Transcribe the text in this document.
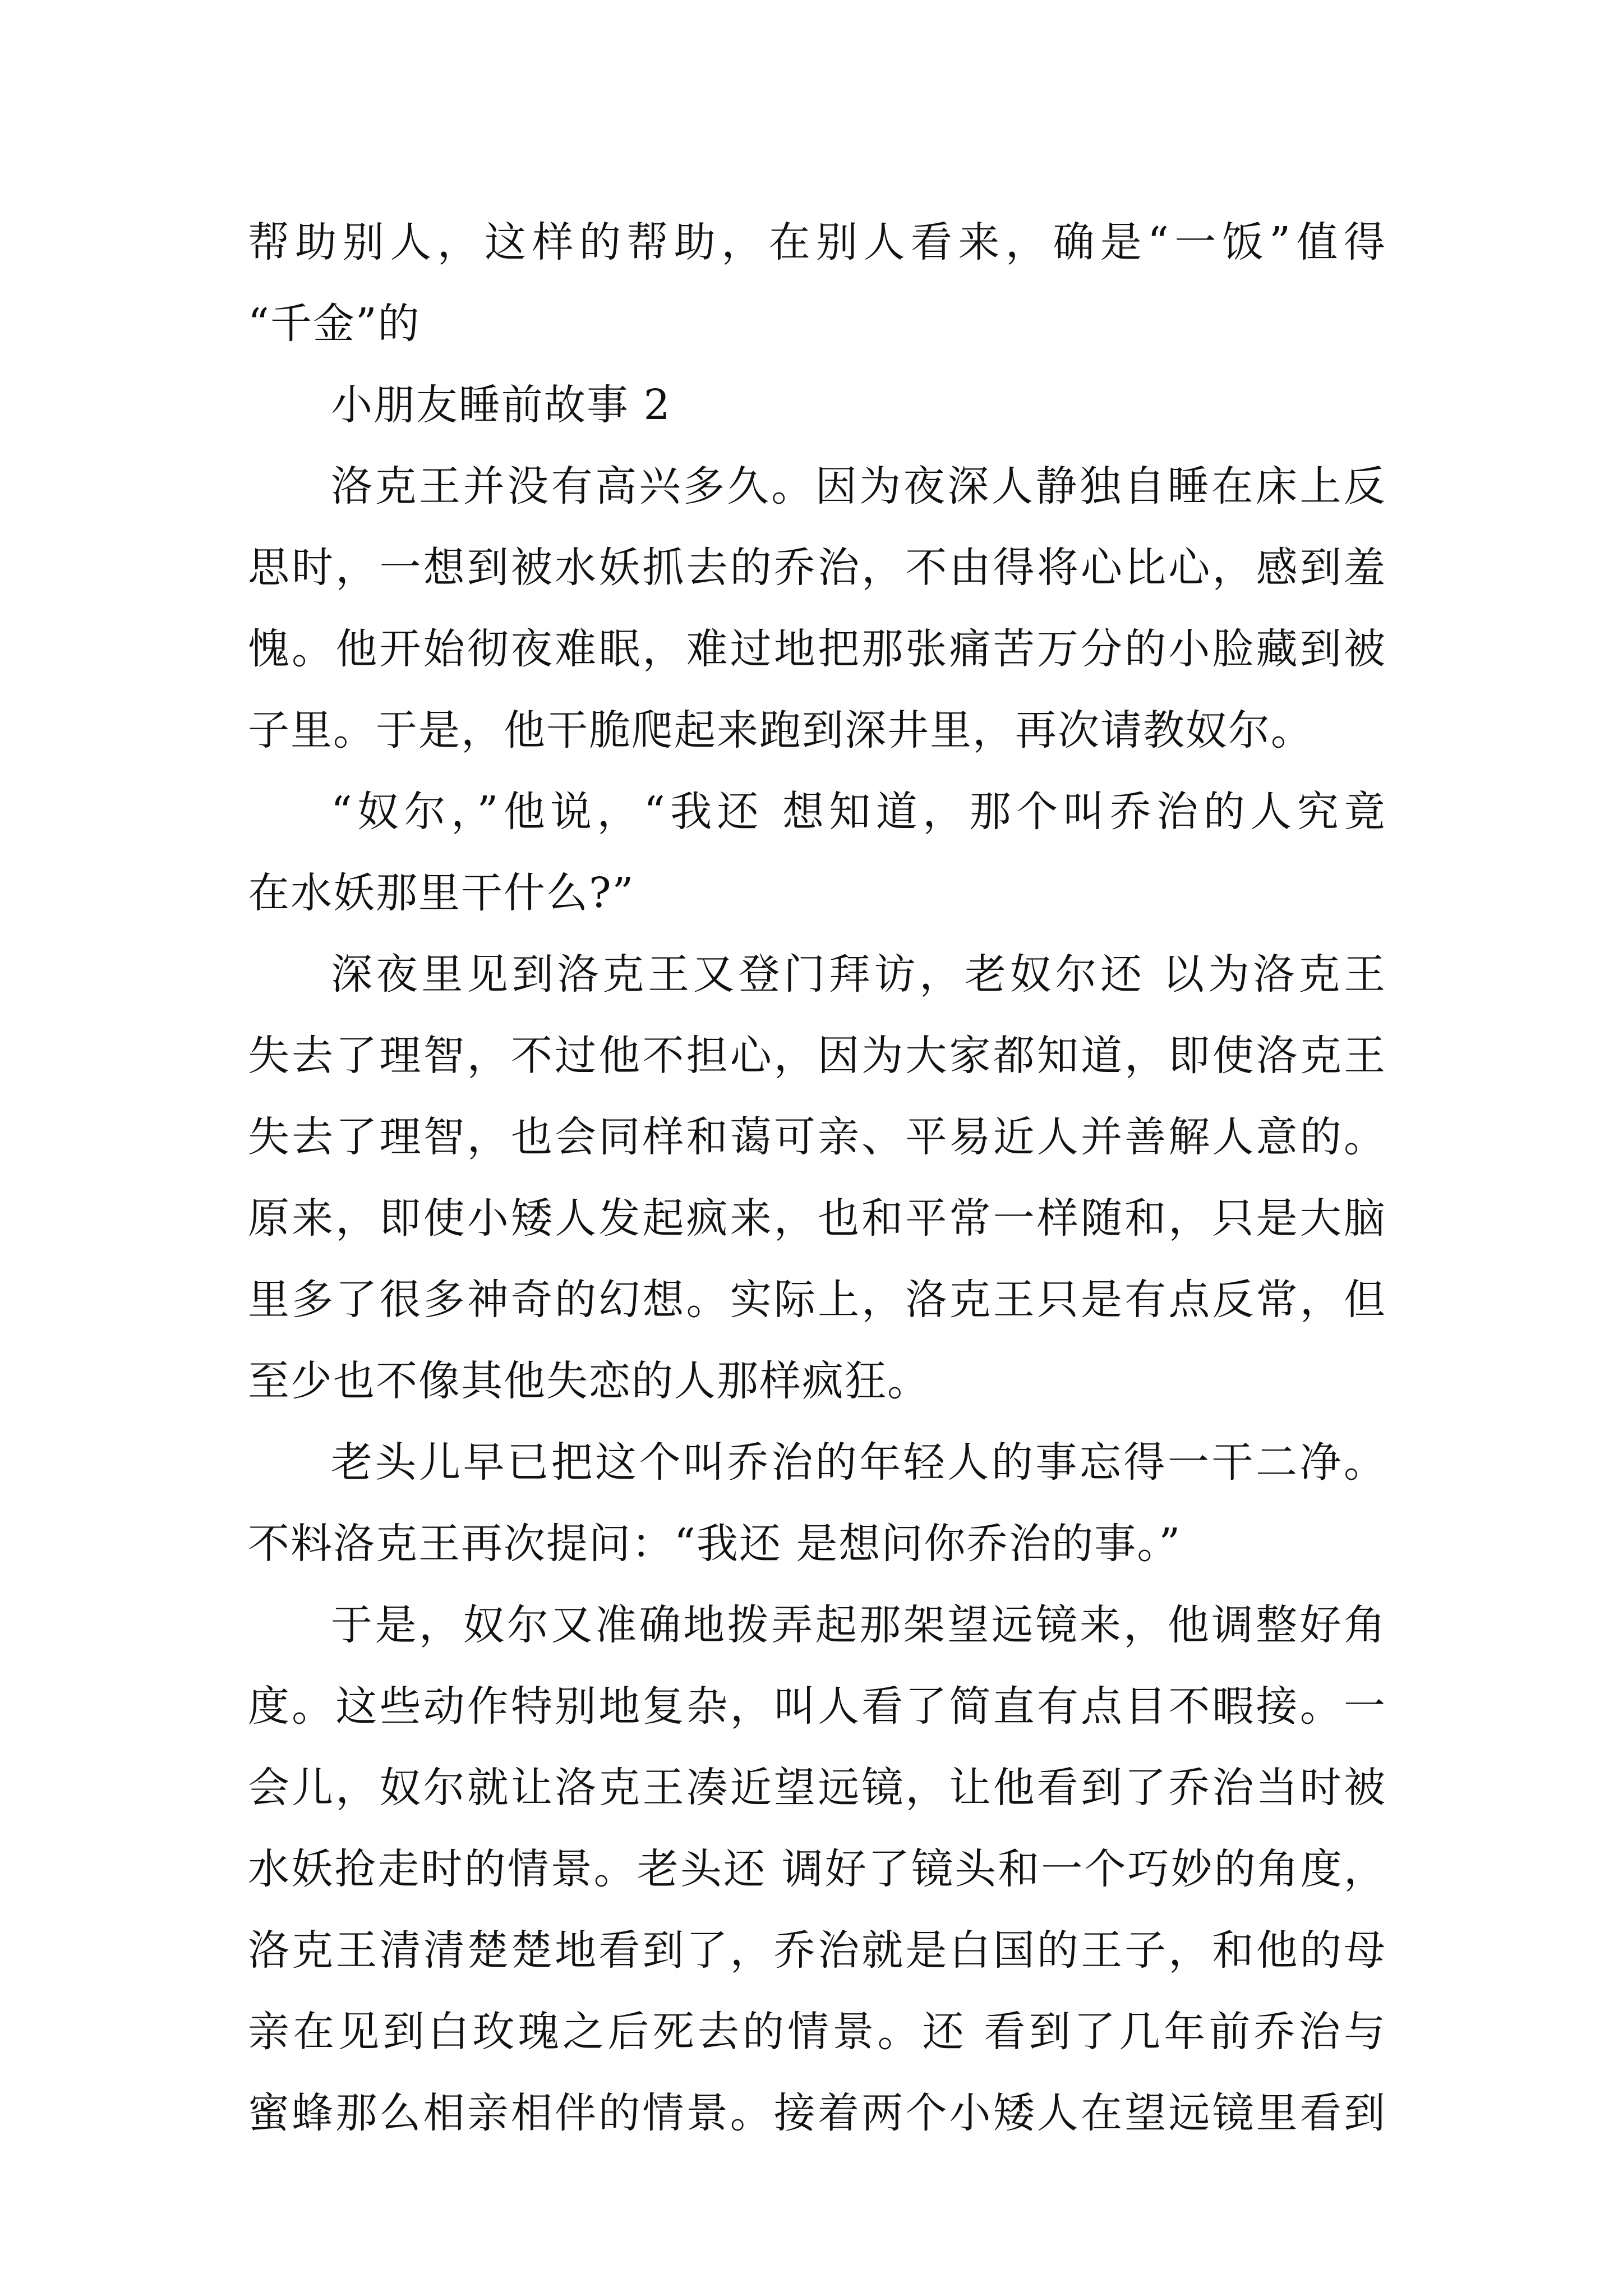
帮助别人，这样的帮助，在别人看来，确是“一饭”值得
“千金”的
小朋友睡前故事 2
洛克王并没有高兴多久。因为夜深人静独自睡在床上反
思时，一想到被水妖抓去的乔治，不由得将心比心，感到羞
愧。他开始彻夜难眠，难过地把那张痛苦万分的小脸藏到被
子里。于是，他干脆爬起来跑到深井里，再次请教奴尔。
“奴尔，”他说，“我还 想知道，那个叫乔治的人究竟
在水妖那里干什么?”
深夜里见到洛克王又登门拜访，老奴尔还 以为洛克王
失去了理智，不过他不担心，因为大家都知道，即使洛克王
失去了理智，也会同样和蔼可亲、平易近人并善解人意的。
原来，即使小矮人发起疯来，也和平常一样随和，只是大脑
里多了很多神奇的幻想。实际上，洛克王只是有点反常，但
至少也不像其他失恋的人那样疯狂。
老头儿早已把这个叫乔治的年轻人的事忘得一干二净。
不料洛克王再次提问：“我还 是想问你乔治的事。”
于是，奴尔又准确地拨弄起那架望远镜来，他调整好角
度。这些动作特别地复杂，叫人看了简直有点目不暇接。一
会儿，奴尔就让洛克王凑近望远镜，让他看到了乔治当时被
水妖抢走时的情景。老头还 调好了镜头和一个巧妙的角度，
洛克王清清楚楚地看到了，乔治就是白国的王子，和他的母
亲在见到白玫瑰之后死去的情景。还 看到了几年前乔治与
蜜蜂那么相亲相伴的情景。接着两个小矮人在望远镜里看到
